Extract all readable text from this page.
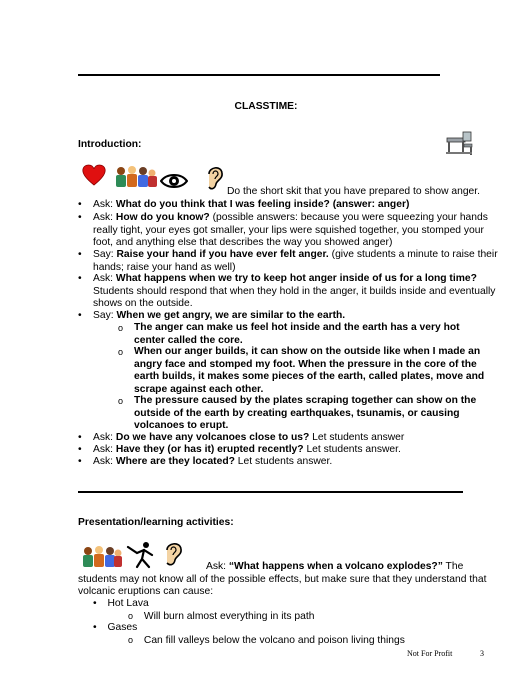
CLASSTIME:
Introduction:
Do the short skit that you have prepared to show anger.
•	Ask: What do you think that I was feeling inside? (answer: anger)
•	Ask: How do you know? (possible answers: because you were squeezing your hands really tight, your eyes got smaller, your lips were squished together, you stomped your foot, and anything else that describes the way you showed anger)
•	Say: Raise your hand if you have ever felt anger. (give students a minute to raise their hands; raise your hand as well)
•	Ask: What happens when we try to keep hot anger inside of us for a long time? Students should respond that when they hold in the anger, it builds inside and eventually shows on the outside.
•	Say: When we get angry, we are similar to the earth.
o The anger can make us feel hot inside and the earth has a very hot center called the core.
o When our anger builds, it can show on the outside like when I made an angry face and stomped my foot. When the pressure in the core of the earth builds, it makes some pieces of the earth, called plates, move and scrape against each other.
o The pressure caused by the plates scraping together can show on the outside of the earth by creating earthquakes, tsunamis, or causing volcanoes to erupt.
•	Ask: Do we have any volcanoes close to us? Let students answer
•	Ask: Have they (or has it) erupted recently? Let students answer.
•	Ask: Where are they located? Let students answer.
Presentation/learning activities:
Ask: “What happens when a volcano explodes?” The students may not know all of the possible effects, but make sure that they understand that volcanic eruptions can cause:
• Hot Lava
o Will burn almost everything in its path
• Gases
o Can fill valleys below the volcano and poison living things
Not For Profit	3
